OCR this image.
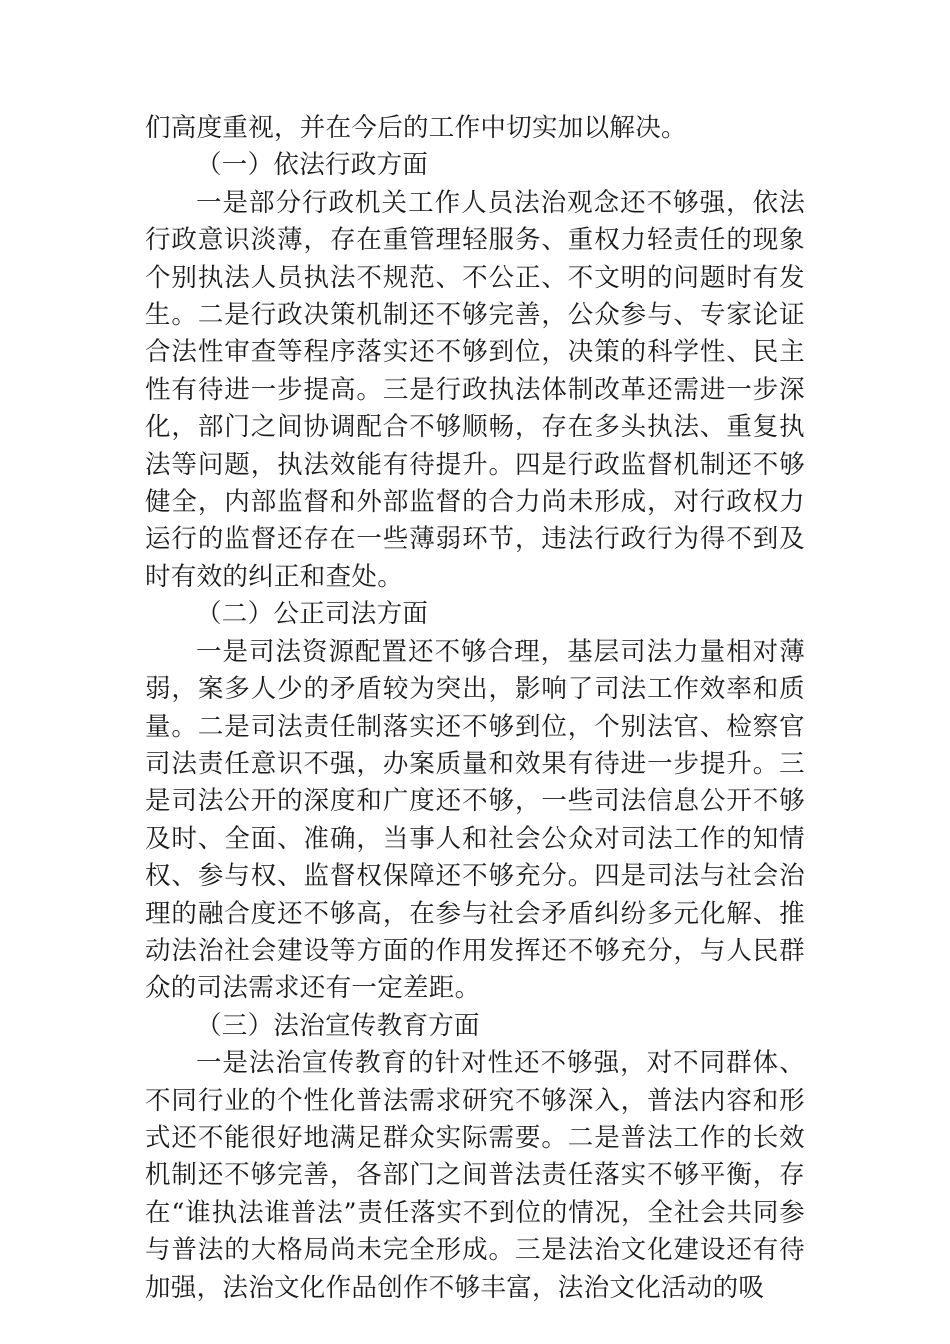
们高度重视，并在今后的工作中切实加以解决。

（一）依法行政方面

一是部分行政机关工作人员法治观念还不够强，依法行政意识淡薄，存在重管理轻服务、重权力轻责任的现象个别执法人员执法不规范、不公正、不文明的问题时有发生。二是行政决策机制还不够完善，公众参与、专家论证合法性审查等程序落实还不够到位，决策的科学性、民主性有待进一步提高。三是行政执法体制改革还需进一步深化，部门之间协调配合不够顺畅，存在多头执法、重复执法等问题，执法效能有待提升。四是行政监督机制还不够健全，内部监督和外部监督的合力尚未形成，对行政权力运行的监督还存在一些薄弱环节，违法行政行为得不到及时有效的纠正和查处。

（二）公正司法方面

一是司法资源配置还不够合理，基层司法力量相对薄弱，案多人少的矛盾较为突出，影响了司法工作效率和质量。二是司法责任制落实还不够到位，个别法官、检察官司法责任意识不强，办案质量和效果有待进一步提升。三是司法公开的深度和广度还不够，一些司法信息公开不够及时、全面、准确，当事人和社会公众对司法工作的知情权、参与权、监督权保障还不够充分。四是司法与社会治理的融合度还不够高，在参与社会矛盾纠纷多元化解、推动法治社会建设等方面的作用发挥还不够充分，与人民群众的司法需求还有一定差距。

（三）法治宣传教育方面

一是法治宣传教育的针对性还不够强，对不同群体、不同行业的个性化普法需求研究不够深入，普法内容和形式还不能很好地满足群众实际需要。二是普法工作的长效机制还不够完善，各部门之间普法责任落实不够平衡，存在“谁执法谁普法”责任落实不到位的情况，全社会共同参与普法的大格局尚未完全形成。三是法治文化建设还有待加强，法治文化作品创作不够丰富，法治文化活动的吸
